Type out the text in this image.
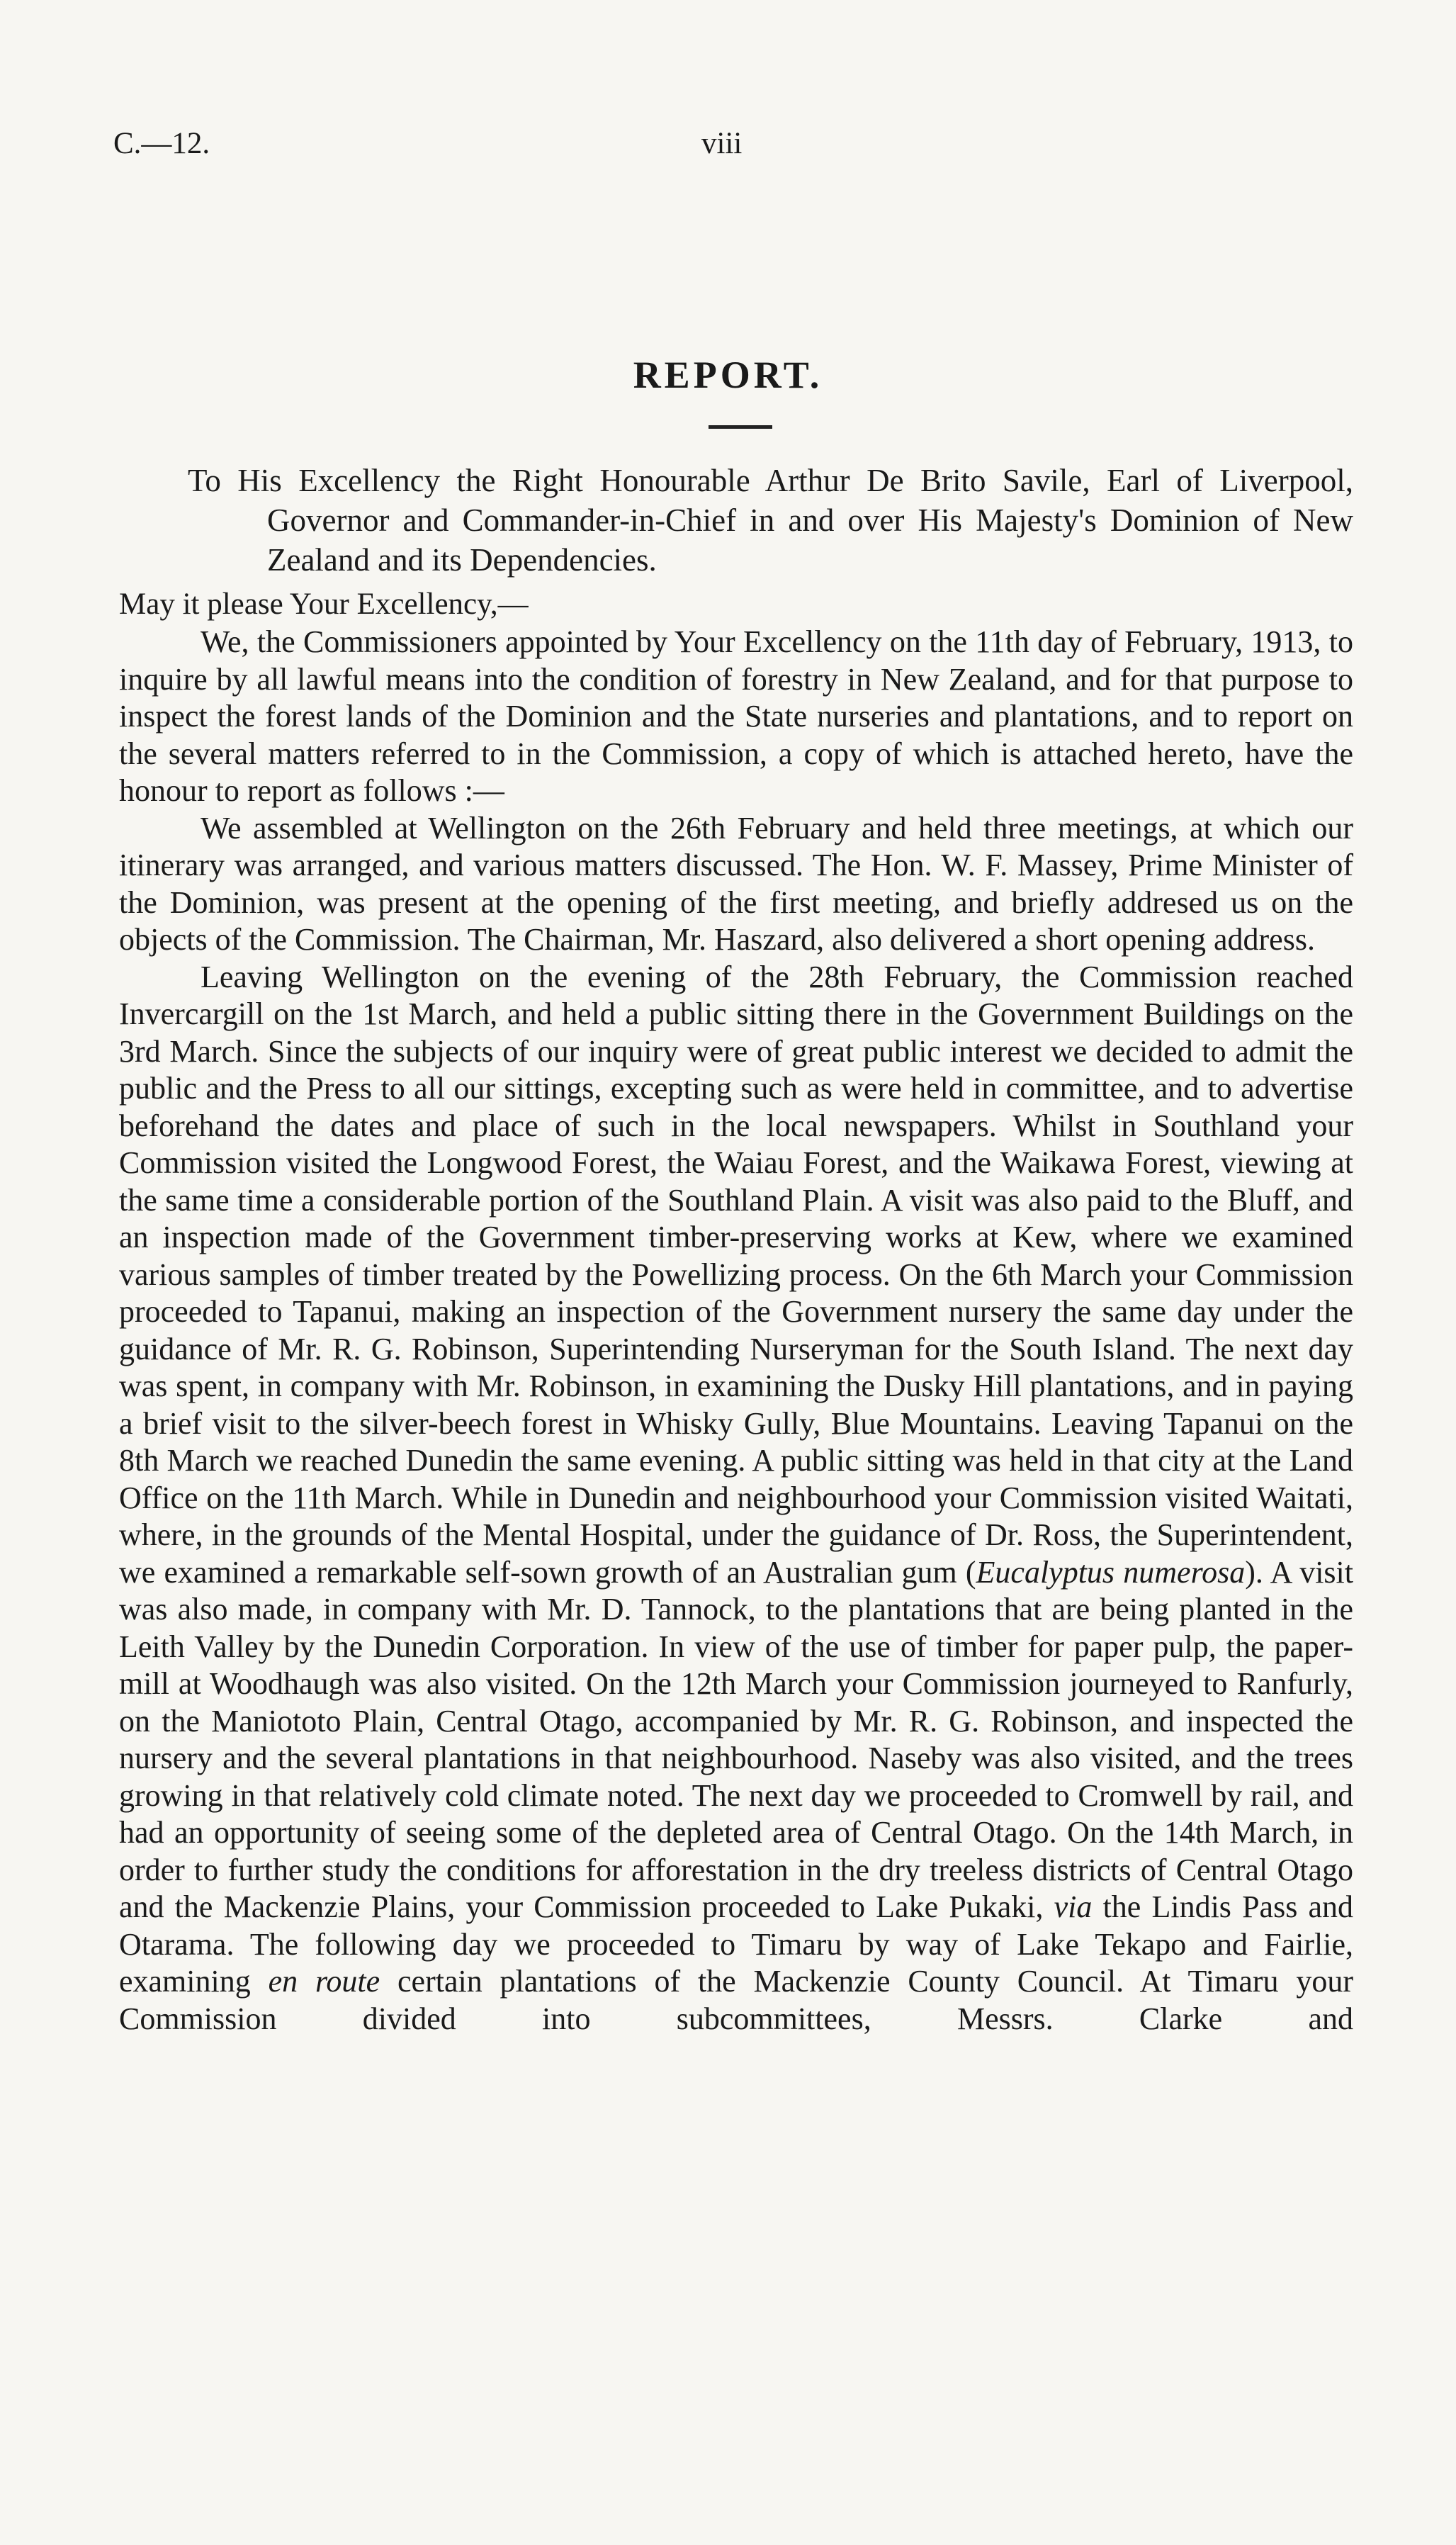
C.—12.	viii
REPORT.

To His Excellency the Right Honourable Arthur De Brito Savile, Earl of Liverpool, Governor and Commander-in-Chief in and over His Majesty's Dominion of New Zealand and its Dependencies.

May it please Your Excellency,—

We, the Commissioners appointed by Your Excellency on the 11th day of February, 1913, to inquire by all lawful means into the condition of forestry in New Zealand, and for that purpose to inspect the forest lands of the Dominion and the State nurseries and plantations, and to report on the several matters referred to in the Commission, a copy of which is attached hereto, have the honour to report as follows :—

We assembled at Wellington on the 26th February and held three meetings, at which our itinerary was arranged, and various matters discussed. The Hon. W. F. Massey, Prime Minister of the Dominion, was present at the opening of the first meeting, and briefly addresed us on the objects of the Commission. The Chairman, Mr. Haszard, also delivered a short opening address.

Leaving Wellington on the evening of the 28th February, the Commission reached Invercargill on the 1st March, and held a public sitting there in the Government Buildings on the 3rd March. Since the subjects of our inquiry were of great public interest we decided to admit the public and the Press to all our sittings, excepting such as were held in committee, and to advertise beforehand the dates and place of such in the local newspapers. Whilst in Southland your Commission visited the Longwood Forest, the Waiau Forest, and the Waikawa Forest, viewing at the same time a considerable portion of the Southland Plain. A visit was also paid to the Bluff, and an inspection made of the Government timber-preserving works at Kew, where we examined various samples of timber treated by the Powellizing process. On the 6th March your Commission proceeded to Tapanui, making an inspection of the Government nursery the same day under the guidance of Mr. R. G. Robinson, Superintending Nurseryman for the South Island. The next day was spent, in company with Mr. Robinson, in examining the Dusky Hill plantations, and in paying a brief visit to the silver-beech forest in Whisky Gully, Blue Mountains. Leaving Tapanui on the 8th March we reached Dunedin the same evening. A public sitting was held in that city at the Land Office on the 11th March. While in Dunedin and neighbourhood your Commission visited Waitati, where, in the grounds of the Mental Hospital, under the guidance of Dr. Ross, the Superintendent, we examined a remarkable self-sown growth of an Australian gum (Eucalyptus numerosa). A visit was also made, in company with Mr. D. Tannock, to the plantations that are being planted in the Leith Valley by the Dunedin Corporation. In view of the use of timber for paper pulp, the paper-mill at Woodhaugh was also visited. On the 12th March your Commission journeyed to Ranfurly, on the Maniototo Plain, Central Otago, accompanied by Mr. R. G. Robinson, and inspected the nursery and the several plantations in that neighbourhood. Naseby was also visited, and the trees growing in that relatively cold climate noted. The next day we proceeded to Cromwell by rail, and had an opportunity of seeing some of the depleted area of Central Otago. On the 14th March, in order to further study the conditions for afforestation in the dry treeless districts of Central Otago and the Mackenzie Plains, your Commission proceeded to Lake Pukaki, via the Lindis Pass and Otarama. The following day we proceeded to Timaru by way of Lake Tekapo and Fairlie, examining en route certain plantations of the Mackenzie County Council. At Timaru your Commission divided into subcommittees, Messrs. Clarke and
